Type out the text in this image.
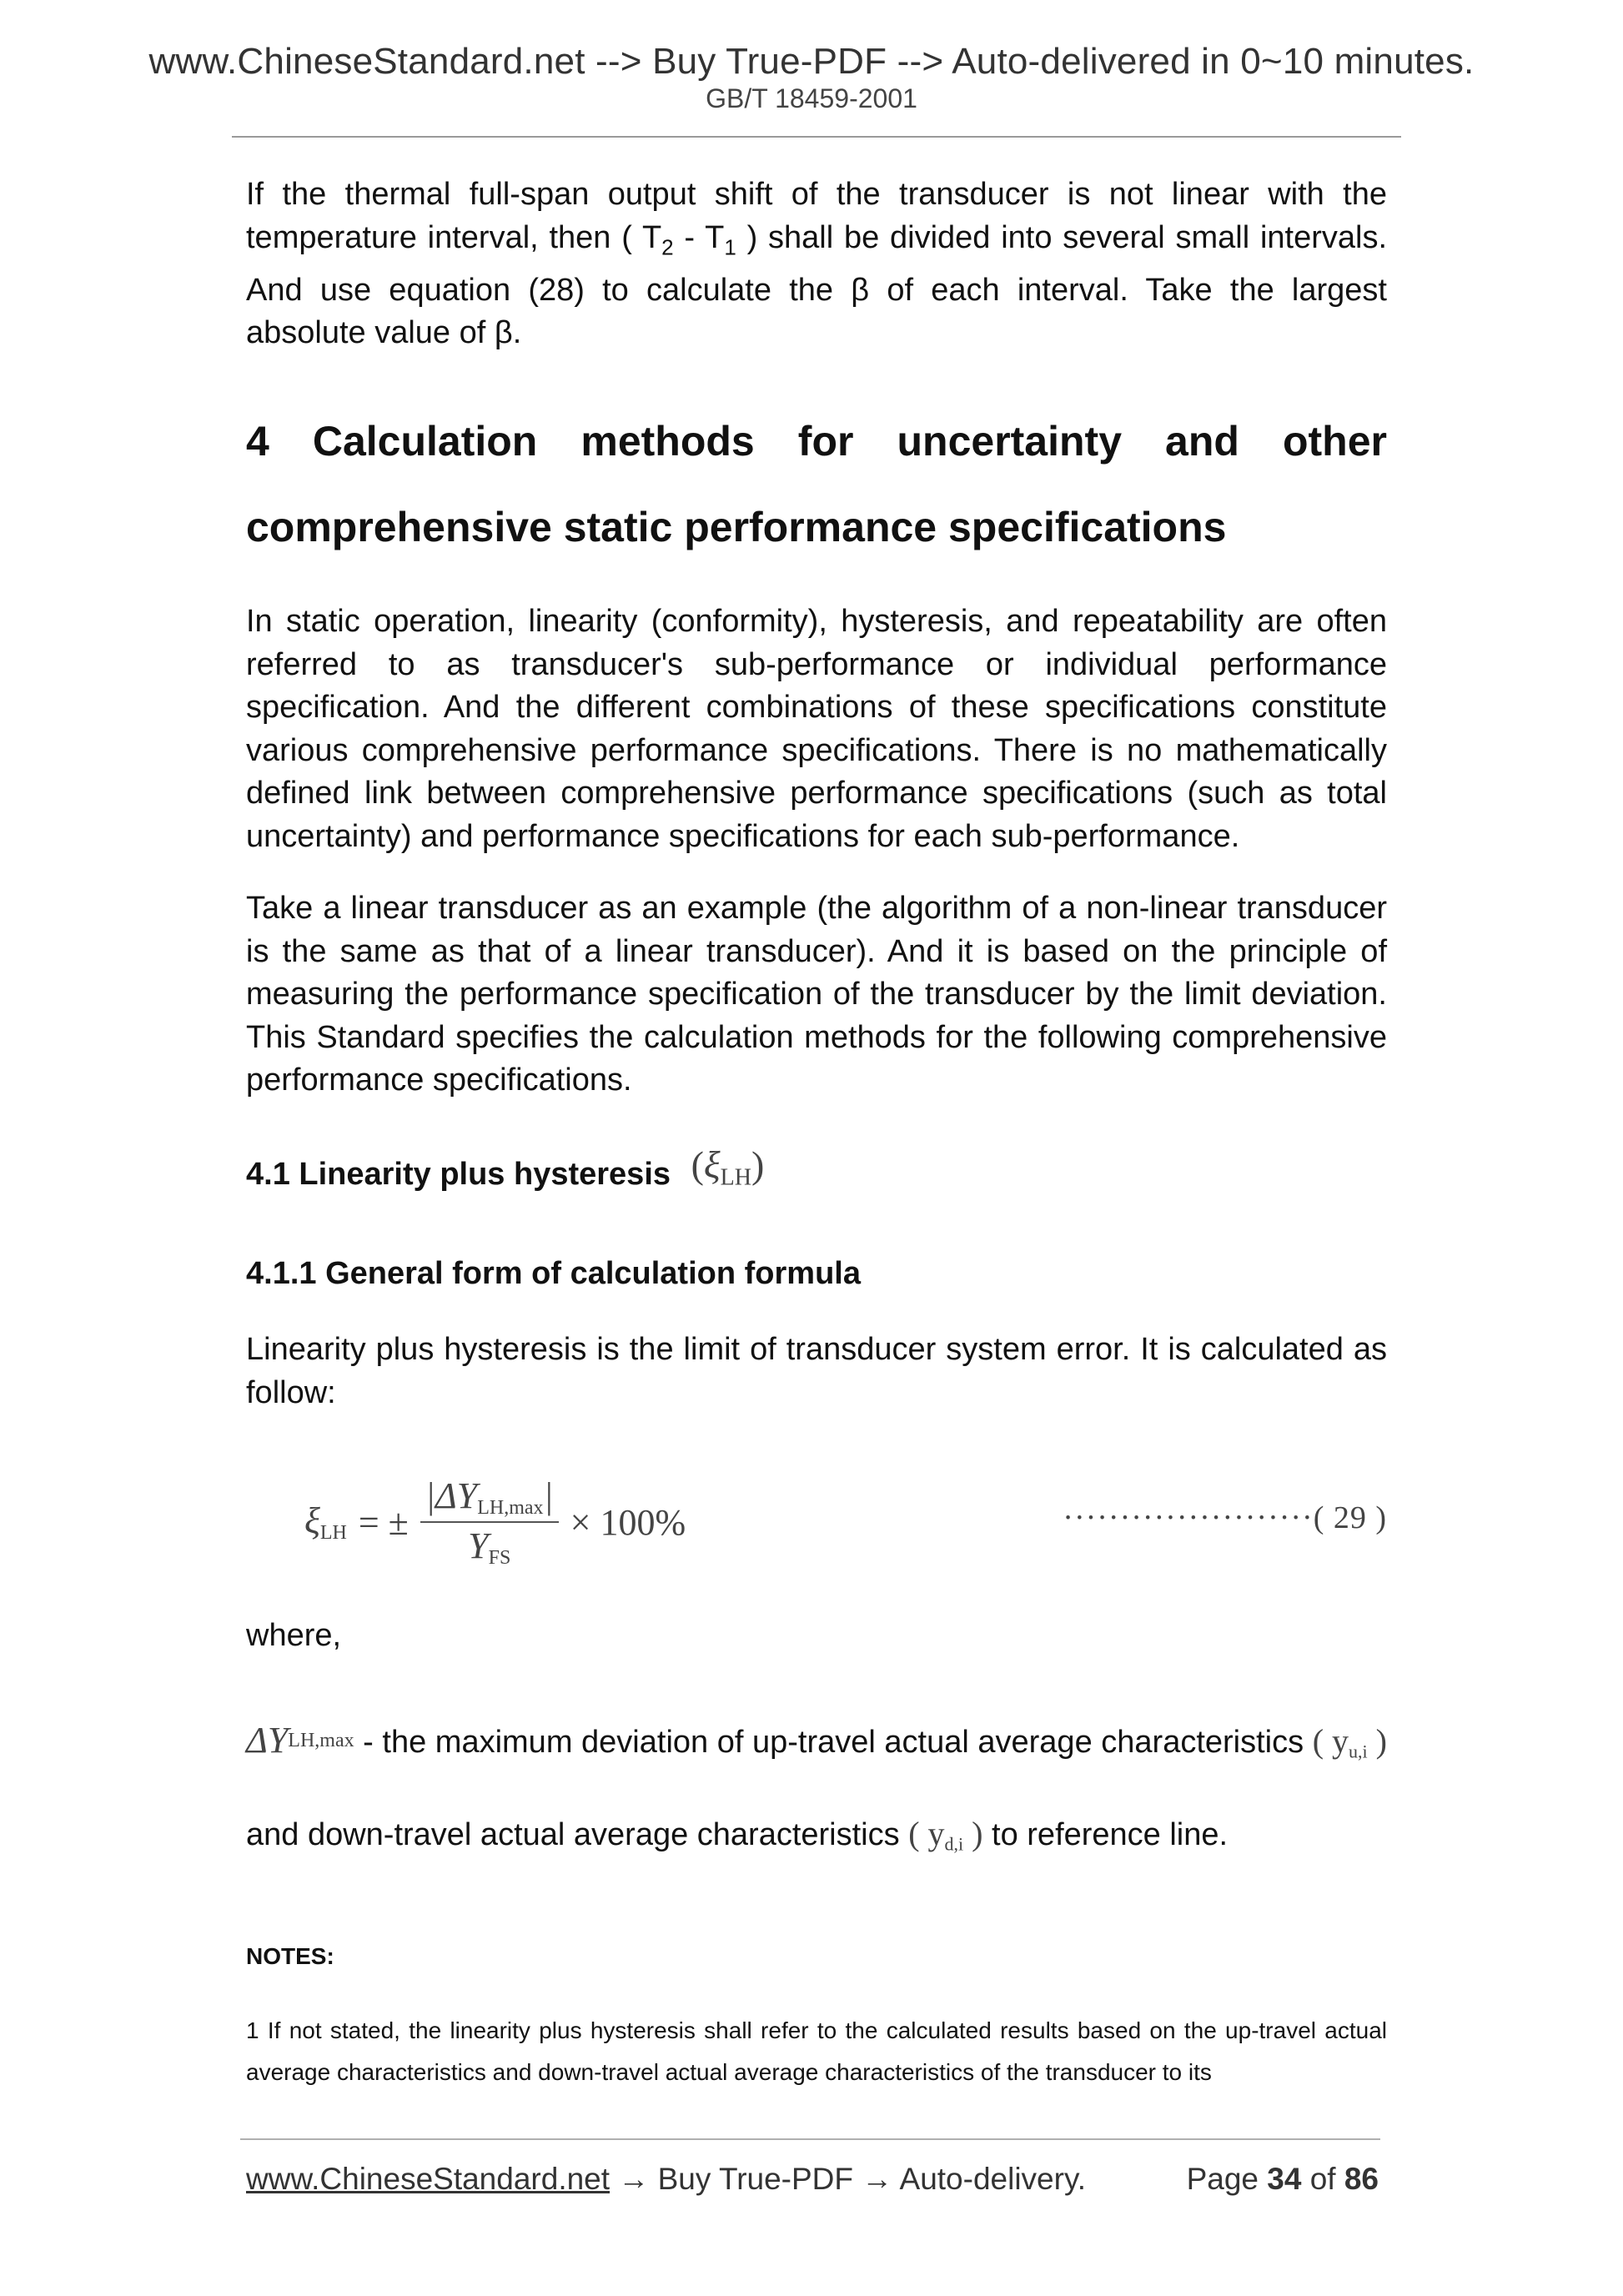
www.ChineseStandard.net --> Buy True-PDF --> Auto-delivered in 0~10 minutes.
GB/T 18459-2001

If the thermal full-span output shift of the transducer is not linear with the temperature interval, then ( $T_2 - T_1$ ) shall be divided into several small intervals. And use equation (28) to calculate the β of each interval. Take the largest absolute value of β.

4 Calculation methods for uncertainty and other comprehensive static performance specifications

In static operation, linearity (conformity), hysteresis, and repeatability are often referred to as transducer's sub-performance or individual performance specification. And the different combinations of these specifications constitute various comprehensive performance specifications. There is no mathematically defined link between comprehensive performance specifications (such as total uncertainty) and performance specifications for each sub-performance.

Take a linear transducer as an example (the algorithm of a non-linear transducer is the same as that of a linear transducer). And it is based on the principle of measuring the performance specification of the transducer by the limit deviation. This Standard specifies the calculation methods for the following comprehensive performance specifications.

4.1 Linearity plus hysteresis $(\xi_{LH})$
4.1.1 General form of calculation formula

Linearity plus hysteresis is the limit of transducer system error. It is calculated as follow:

$\xi_{LH}$ = ± $\frac{|\Delta Y_{LH,max}|}{Y_{FS}} \times 100\%$	······················( 29 )

where,

$\Delta Y^{LH,max}$ - the maximum deviation of up-travel actual average characteristics ( $y_{u,i}$ ) and down-travel actual average characteristics ( $y_{d,i}$ ) to reference line.

NOTES:

1 If not stated, the linearity plus hysteresis shall refer to the calculated results based on the up-travel actual average characteristics and down-travel actual average characteristics of the transducer to its

www.ChineseStandard.net → Buy True-PDF → Auto-delivery.	Page 34 of 86
